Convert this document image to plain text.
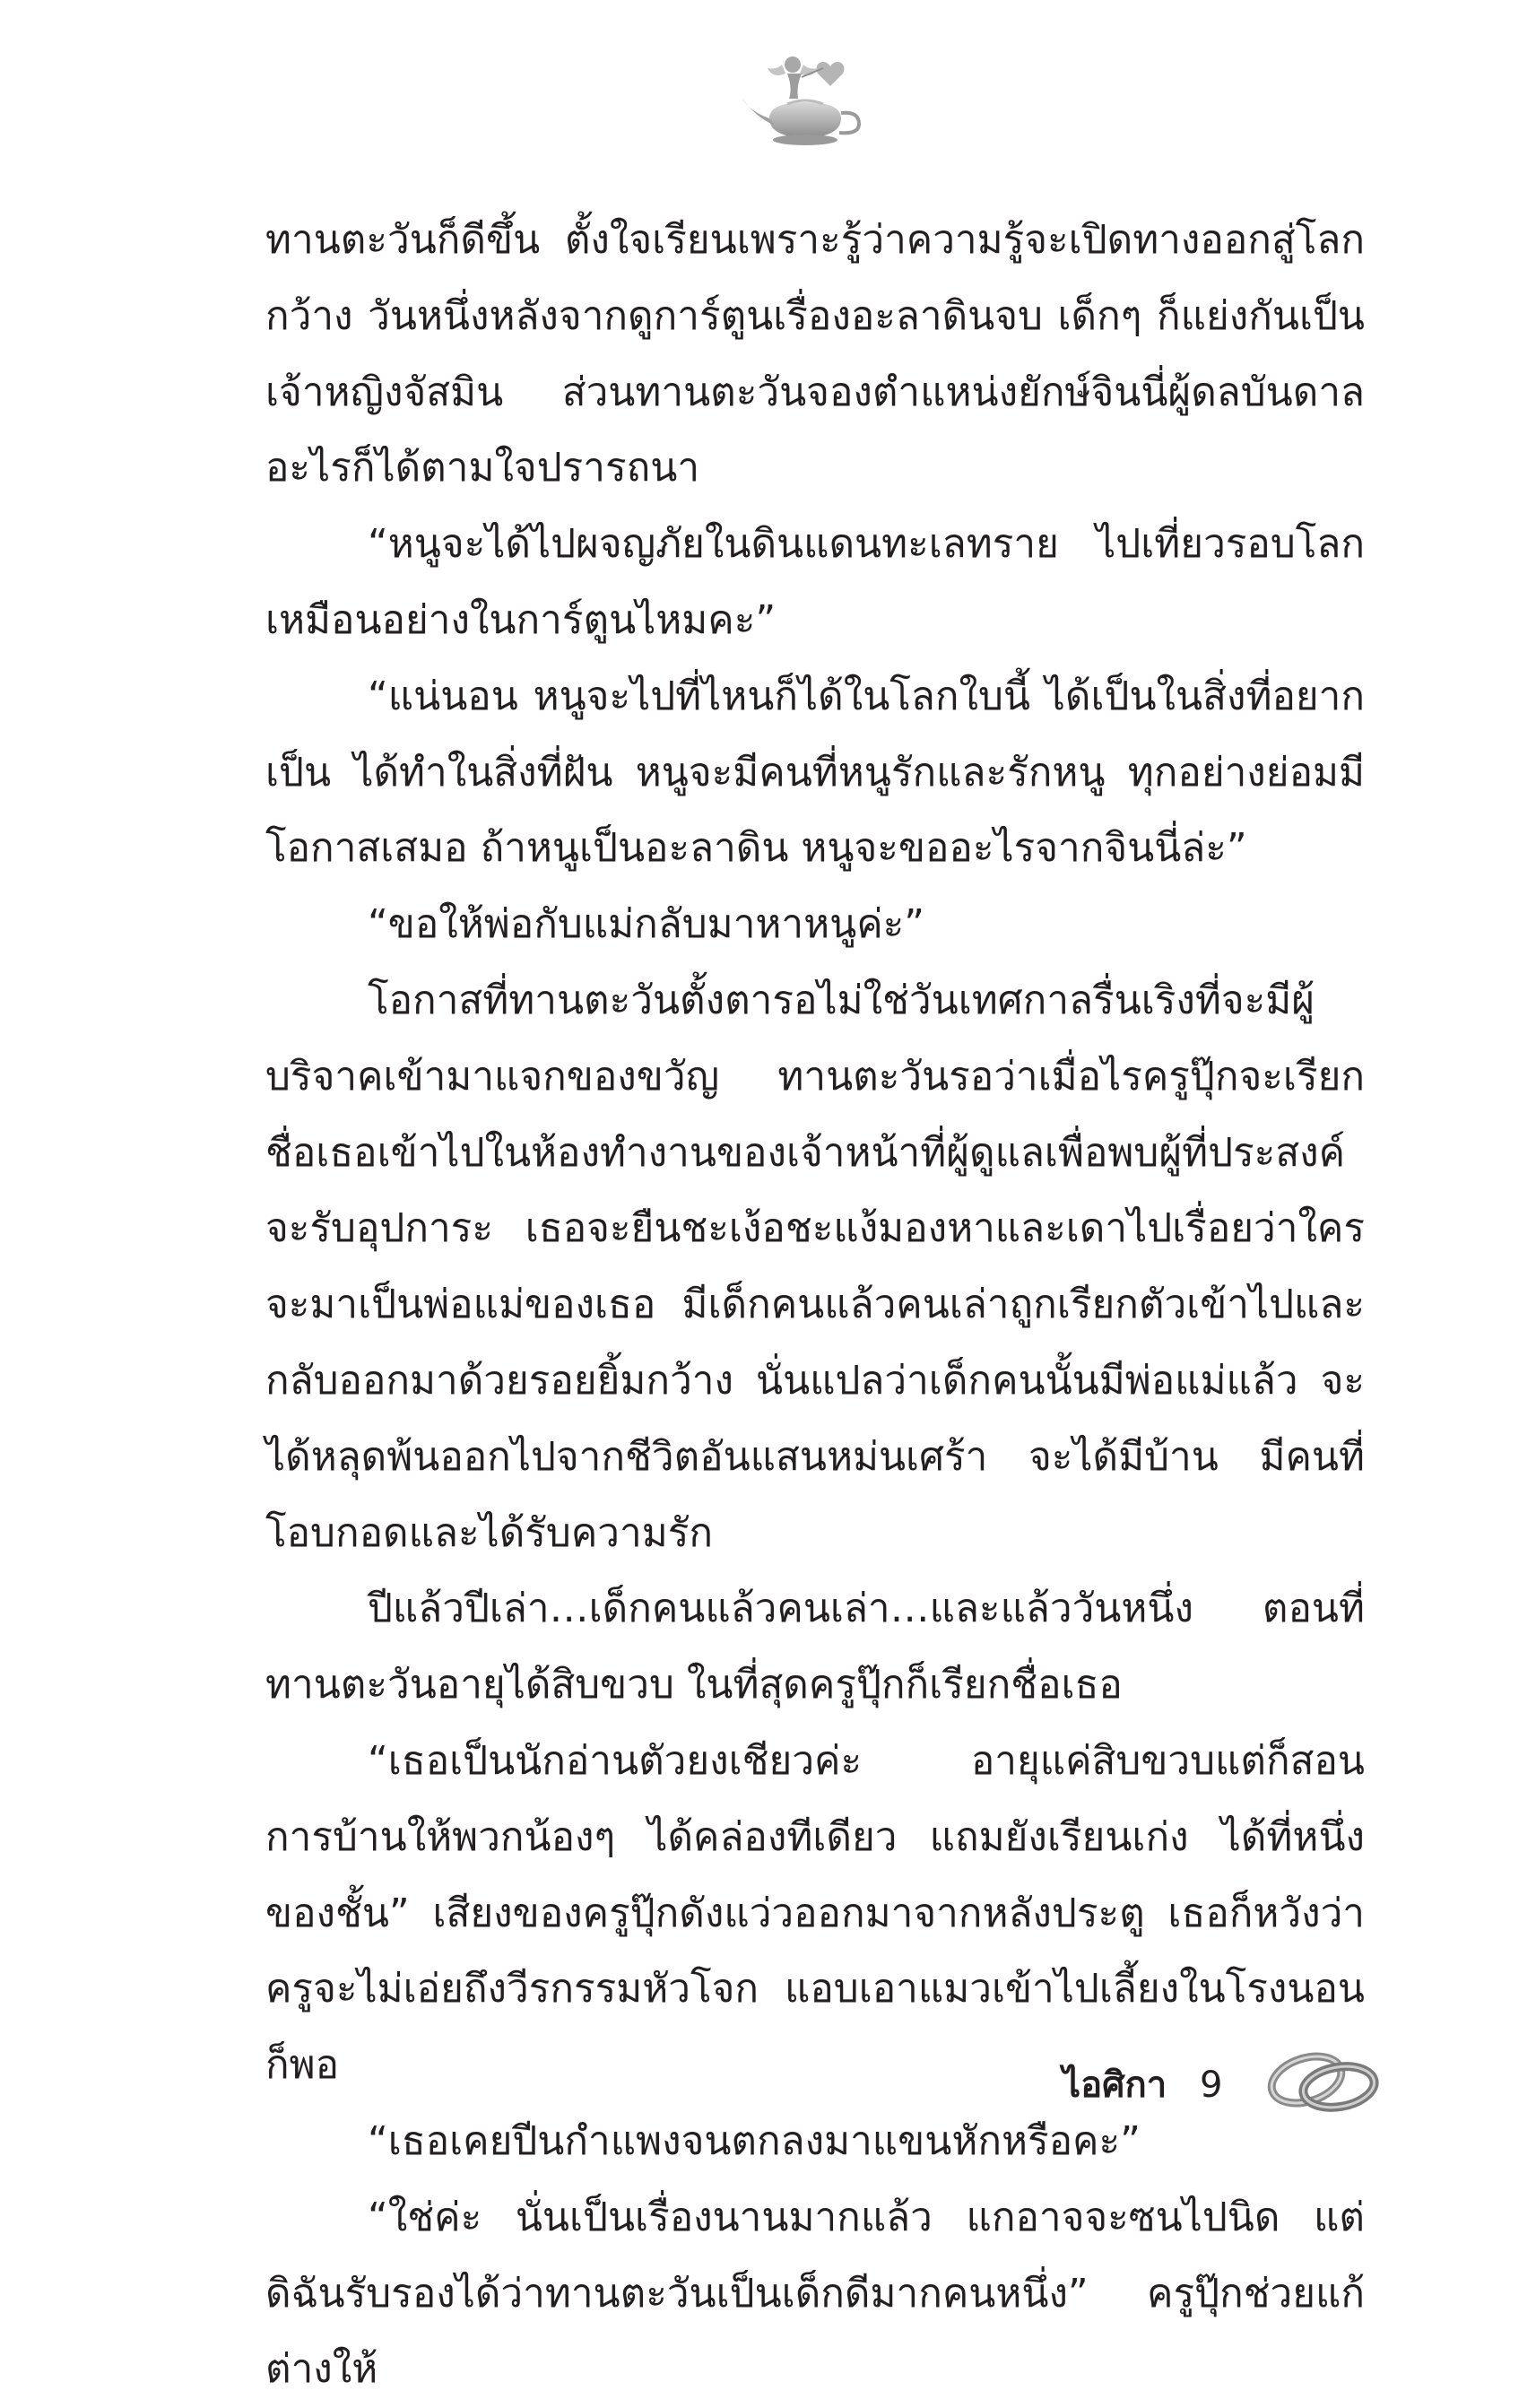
ทานตะวันก็ดีขึ้น ตั้งใจเรียนเพราะรู้ว่าความรู้จะเปิดทางออกสู่โลกกว้าง วันหนึ่งหลังจากดูการ์ตูนเรื่องอะลาดินจบ เด็กๆ ก็แย่งกันเป็นเจ้าหญิงจัสมิน ส่วนทานตะวันจองตำแหน่งยักษ์จินนี่ผู้ดลบันดาลอะไรก็ได้ตามใจปรารถนา

“หนูจะได้ไปผจญภัยในดินแดนทะเลทราย ไปเที่ยวรอบโลกเหมือนอย่างในการ์ตูนไหมคะ”

“แน่นอน หนูจะไปที่ไหนก็ได้ในโลกใบนี้ ได้เป็นในสิ่งที่อยากเป็น ได้ทำในสิ่งที่ฝัน หนูจะมีคนที่หนูรักและรักหนู ทุกอย่างย่อมมีโอกาสเสมอ ถ้าหนูเป็นอะลาดิน หนูจะขออะไรจากจินนี่ล่ะ”

“ขอให้พ่อกับแม่กลับมาหาหนูค่ะ”

โอกาสที่ทานตะวันตั้งตารอไม่ใช่วันเทศกาลรื่นเริงที่จะมีผู้บริจาคเข้ามาแจกของขวัญ ทานตะวันรอว่าเมื่อไรครูปุ๊กจะเรียกชื่อเธอเข้าไปในห้องทำงานของเจ้าหน้าที่ผู้ดูแลเพื่อพบผู้ที่ประสงค์จะรับอุปการะ เธอจะยืนชะเง้อชะแง้มองหาและเดาไปเรื่อยว่าใครจะมาเป็นพ่อแม่ของเธอ มีเด็กคนแล้วคนเล่าถูกเรียกตัวเข้าไปและกลับออกมาด้วยรอยยิ้มกว้าง นั่นแปลว่าเด็กคนนั้นมีพ่อแม่แล้ว จะได้หลุดพ้นออกไปจากชีวิตอันแสนหม่นเศร้า จะได้มีบ้าน มีคนที่โอบกอดและได้รับความรัก

ปีแล้วปีเล่า…เด็กคนแล้วคนเล่า…และแล้ววันหนึ่ง ตอนที่ทานตะวันอายุได้สิบขวบ ในที่สุดครูปุ๊กก็เรียกชื่อเธอ

“เธอเป็นนักอ่านตัวยงเชียวค่ะ อายุแค่สิบขวบแต่ก็สอนการบ้านให้พวกน้องๆ ได้คล่องทีเดียว แถมยังเรียนเก่ง ได้ที่หนึ่งของชั้น” เสียงของครูปุ๊กดังแว่วออกมาจากหลังประตู เธอก็หวังว่าครูจะไม่เอ่ยถึงวีรกรรมหัวโจก แอบเอาแมวเข้าไปเลี้ยงในโรงนอนก็พอ

“เธอเคยปีนกำแพงจนตกลงมาแขนหักหรือคะ”

“ใช่ค่ะ นั่นเป็นเรื่องนานมากแล้ว แกอาจจะซนไปนิด แต่ดิฉันรับรองได้ว่าทานตะวันเป็นเด็กดีมากคนหนึ่ง” ครูปุ๊กช่วยแก้ต่างให้

ไอศิกา 9
